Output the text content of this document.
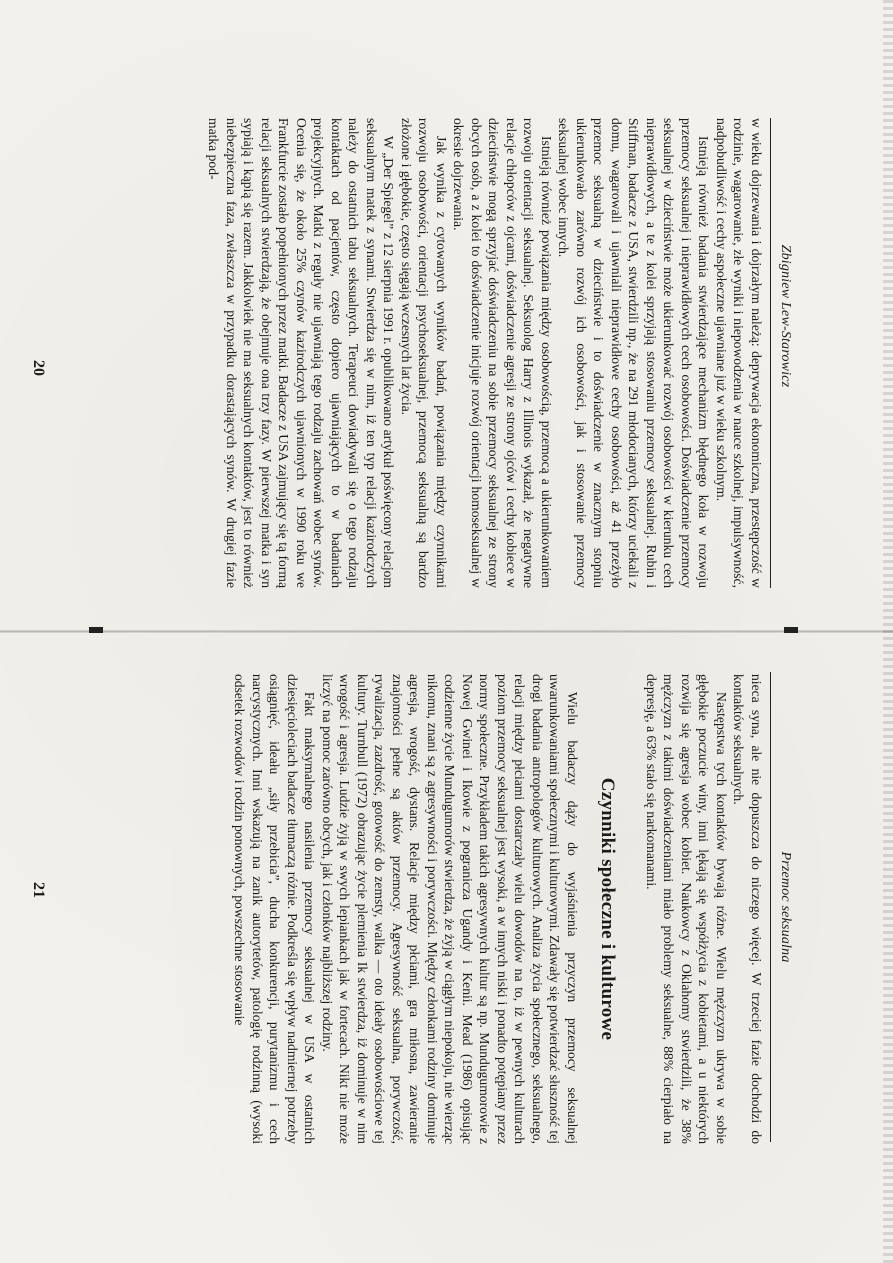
Zbigniew Lew-Starowicz

w wieku dojrzewania i dojrzałym należą: deprywacja ekonomiczna, przestępczość w rodzinie, wagarowanie, złe wyniki i niepowodzenia w nauce szkolnej, impulsywność, nadpobudliwość i cechy aspołeczne ujawniane już w wieku szkolnym.

Istnieją również badania stwierdzające mechanizm błędnego koła w rozwoju przemocy seksualnej i nieprawidłowych cech osobowości. Doświadczenie przemocy seksualnej w dzieciństwie może ukierunkować rozwój osobowości w kierunku cech nieprawidłowych, a te z kolei sprzyjają stosowaniu przemocy seksualnej. Rubin i Stiffman, badacze z USA, stwierdzili np., że na 291 młodocianych, którzy uciekali z domu, wagarowali i ujawniali nieprawidłowe cechy osobowości, aż 41 przeżyło przemoc seksualną w dzieciństwie i to doświadczenie w znacznym stopniu ukierunkowało zarówno rozwój ich osobowości, jak i stosowanie przemocy seksualnej wobec innych.

Istnieją również powiązania między osobowością, przemocą a ukierunkowaniem rozwoju orientacji seksualnej. Seksuolog Harry z Illinois wykazał, że negatywne relacje chłopców z ojcami, doświadczenie agresji ze strony ojców i cechy kobiece w dzieciństwie mogą sprzyjać doświadczeniu na sobie przemocy seksualnej ze strony obcych osób, a z kolei to doświadczenie inicjuje rozwój orientacji homoseksualnej w okresie dojrzewania.

Jak wynika z cytowanych wyników badań, powiązania między czynnikami rozwoju osobowości, orientacji psychoseksualnej, przemocą seksualną są bardzo złożone i głębokie, często sięgają wczesnych lat życia.

W „Der Spiegel” z 12 sierpnia 1991 r. opublikowano artykuł poświęcony relacjom seksualnym matek z synami. Stwierdza się w nim, iż ten typ relacji kazirodczych należy do ostatnich tabu seksualnych. Terapeuci dowiadywali się o tego rodzaju kontaktach od pacjentów, często dopiero ujawniających to w badaniach projekcyjnych. Matki z reguły nie ujawniają tego rodzaju zachowań wobec synów. Ocenia się, że około 25% czynów kazirodczych ujawnionych w 1990 roku we Frankfurcie zostało popełnionych przez matki. Badacze z USA zajmujący się tą formą relacji seksualnych stwierdzają, że obejmuje ona trzy fazy. W pierwszej matka i syn sypiają i kąpią się razem. Jakkolwiek nie ma seksualnych kontaktów, jest to również niebezpieczna faza, zwłaszcza w przypadku dorastających synów. W drugiej fazie matka pod-

20
Przemoc seksualna

nieca syna, ale nie dopuszcza do niczego więcej. W trzeciej fazie dochodzi do kontaktów seksualnych.

Następstwa tych kontaktów bywają różne. Wielu mężczyzn ukrywa w sobie głębokie poczucie winy, inni lękają się współżycia z kobietami, a u niektórych rozwija się agresja wobec kobiet. Naukowcy z Oklahomy stwierdzili, że 38% mężczyzn z takimi doświadczeniami miało problemy seksualne, 88% cierpiało na depresję, a 63% stało się narkomanami.

Czynniki społeczne i kulturowe

Wielu badaczy dąży do wyjaśnienia przyczyn przemocy seksualnej uwarunkowaniami społecznymi i kulturowymi. Zdawały się potwierdzać słuszność tej drogi badania antropologów kulturowych. Analiza życia społecznego, seksualnego, relacji między płciami dostarczały wielu dowodów na to, iż w pewnych kulturach poziom przemocy seksualnej jest wysoki, a w innych niski i ponadto potępiany przez normy społeczne. Przykładem takich agresywnych kultur są np. Mundugumorowie z Nowej Gwinei i Ikowie z pogranicza Ugandy i Kenii. Mead (1986) opisując codzienne życie Mundugumorów stwierdza, że żyją w ciągłym niepokoju, nie wierząc nikomu, znani są z agresywności i porywczości. Między członkami rodziny dominuje agresja, wrogość, dystans. Relacje między płciami, gra miłosna, zawieranie znajomości pełne są aktów przemocy. Agresywność seksualna, porywczość, rywalizacja, zazdrość, gotowość do zemsty, walka — oto ideały osobowościowe tej kultury. Turnbull (1972) obrazując życie plemienia Ik stwierdza, iż dominuje w nim wrogość i agresja. Ludzie żyją w swych lepiankach jak w fortecach. Nikt nie może liczyć na pomoc zarówno obcych, jak i członków najbliższej rodziny.

Fakt maksymalnego nasilenia przemocy seksualnej w USA w ostatnich dziesięcioleciach badacze tłumaczą różnie. Podkreśla się wpływ nadmiernej potrzeby osiągnięć, ideału „siły przebicia”, ducha konkurencji, purytanizmu i cech narcystycznych. Inni wskazują na zanik autorytetów, patologię rodzinną (wysoki odsetek rozwodów i rodzin ponownych, powszechne stosowanie

21
